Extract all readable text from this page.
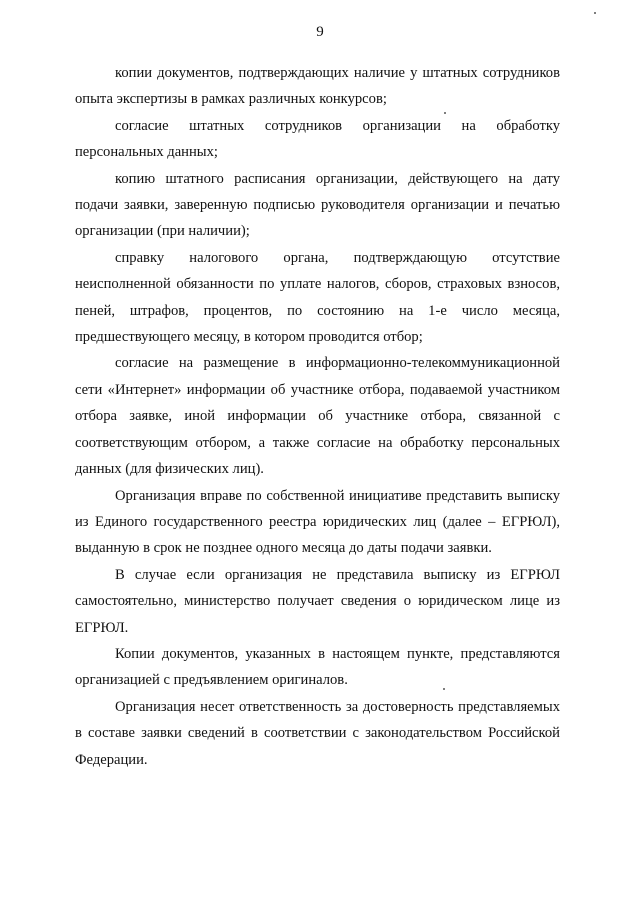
9

копии документов, подтверждающих наличие у штатных сотрудников опыта экспертизы в рамках различных конкурсов;

согласие штатных сотрудников организации на обработку персональных данных;

копию штатного расписания организации, действующего на дату подачи заявки, заверенную подписью руководителя организации и печатью организации (при наличии);

справку налогового органа, подтверждающую отсутствие неисполненной обязанности по уплате налогов, сборов, страховых взносов, пеней, штрафов, процентов, по состоянию на 1-е число месяца, предшествующего месяцу, в котором проводится отбор;

согласие на размещение в информационно-телекоммуникационной сети «Интернет» информации об участнике отбора, подаваемой участником отбора заявке, иной информации об участнике отбора, связанной с соответствующим отбором, а также согласие на обработку персональных данных (для физических лиц).

Организация вправе по собственной инициативе представить выписку из Единого государственного реестра юридических лиц (далее – ЕГРЮЛ), выданную в срок не позднее одного месяца до даты подачи заявки.

В случае если организация не представила выписку из ЕГРЮЛ самостоятельно, министерство получает сведения о юридическом лице из ЕГРЮЛ.

Копии документов, указанных в настоящем пункте, представляются организацией с предъявлением оригиналов.

Организация несет ответственность за достоверность представляемых в составе заявки сведений в соответствии с законодательством Российской Федерации.
